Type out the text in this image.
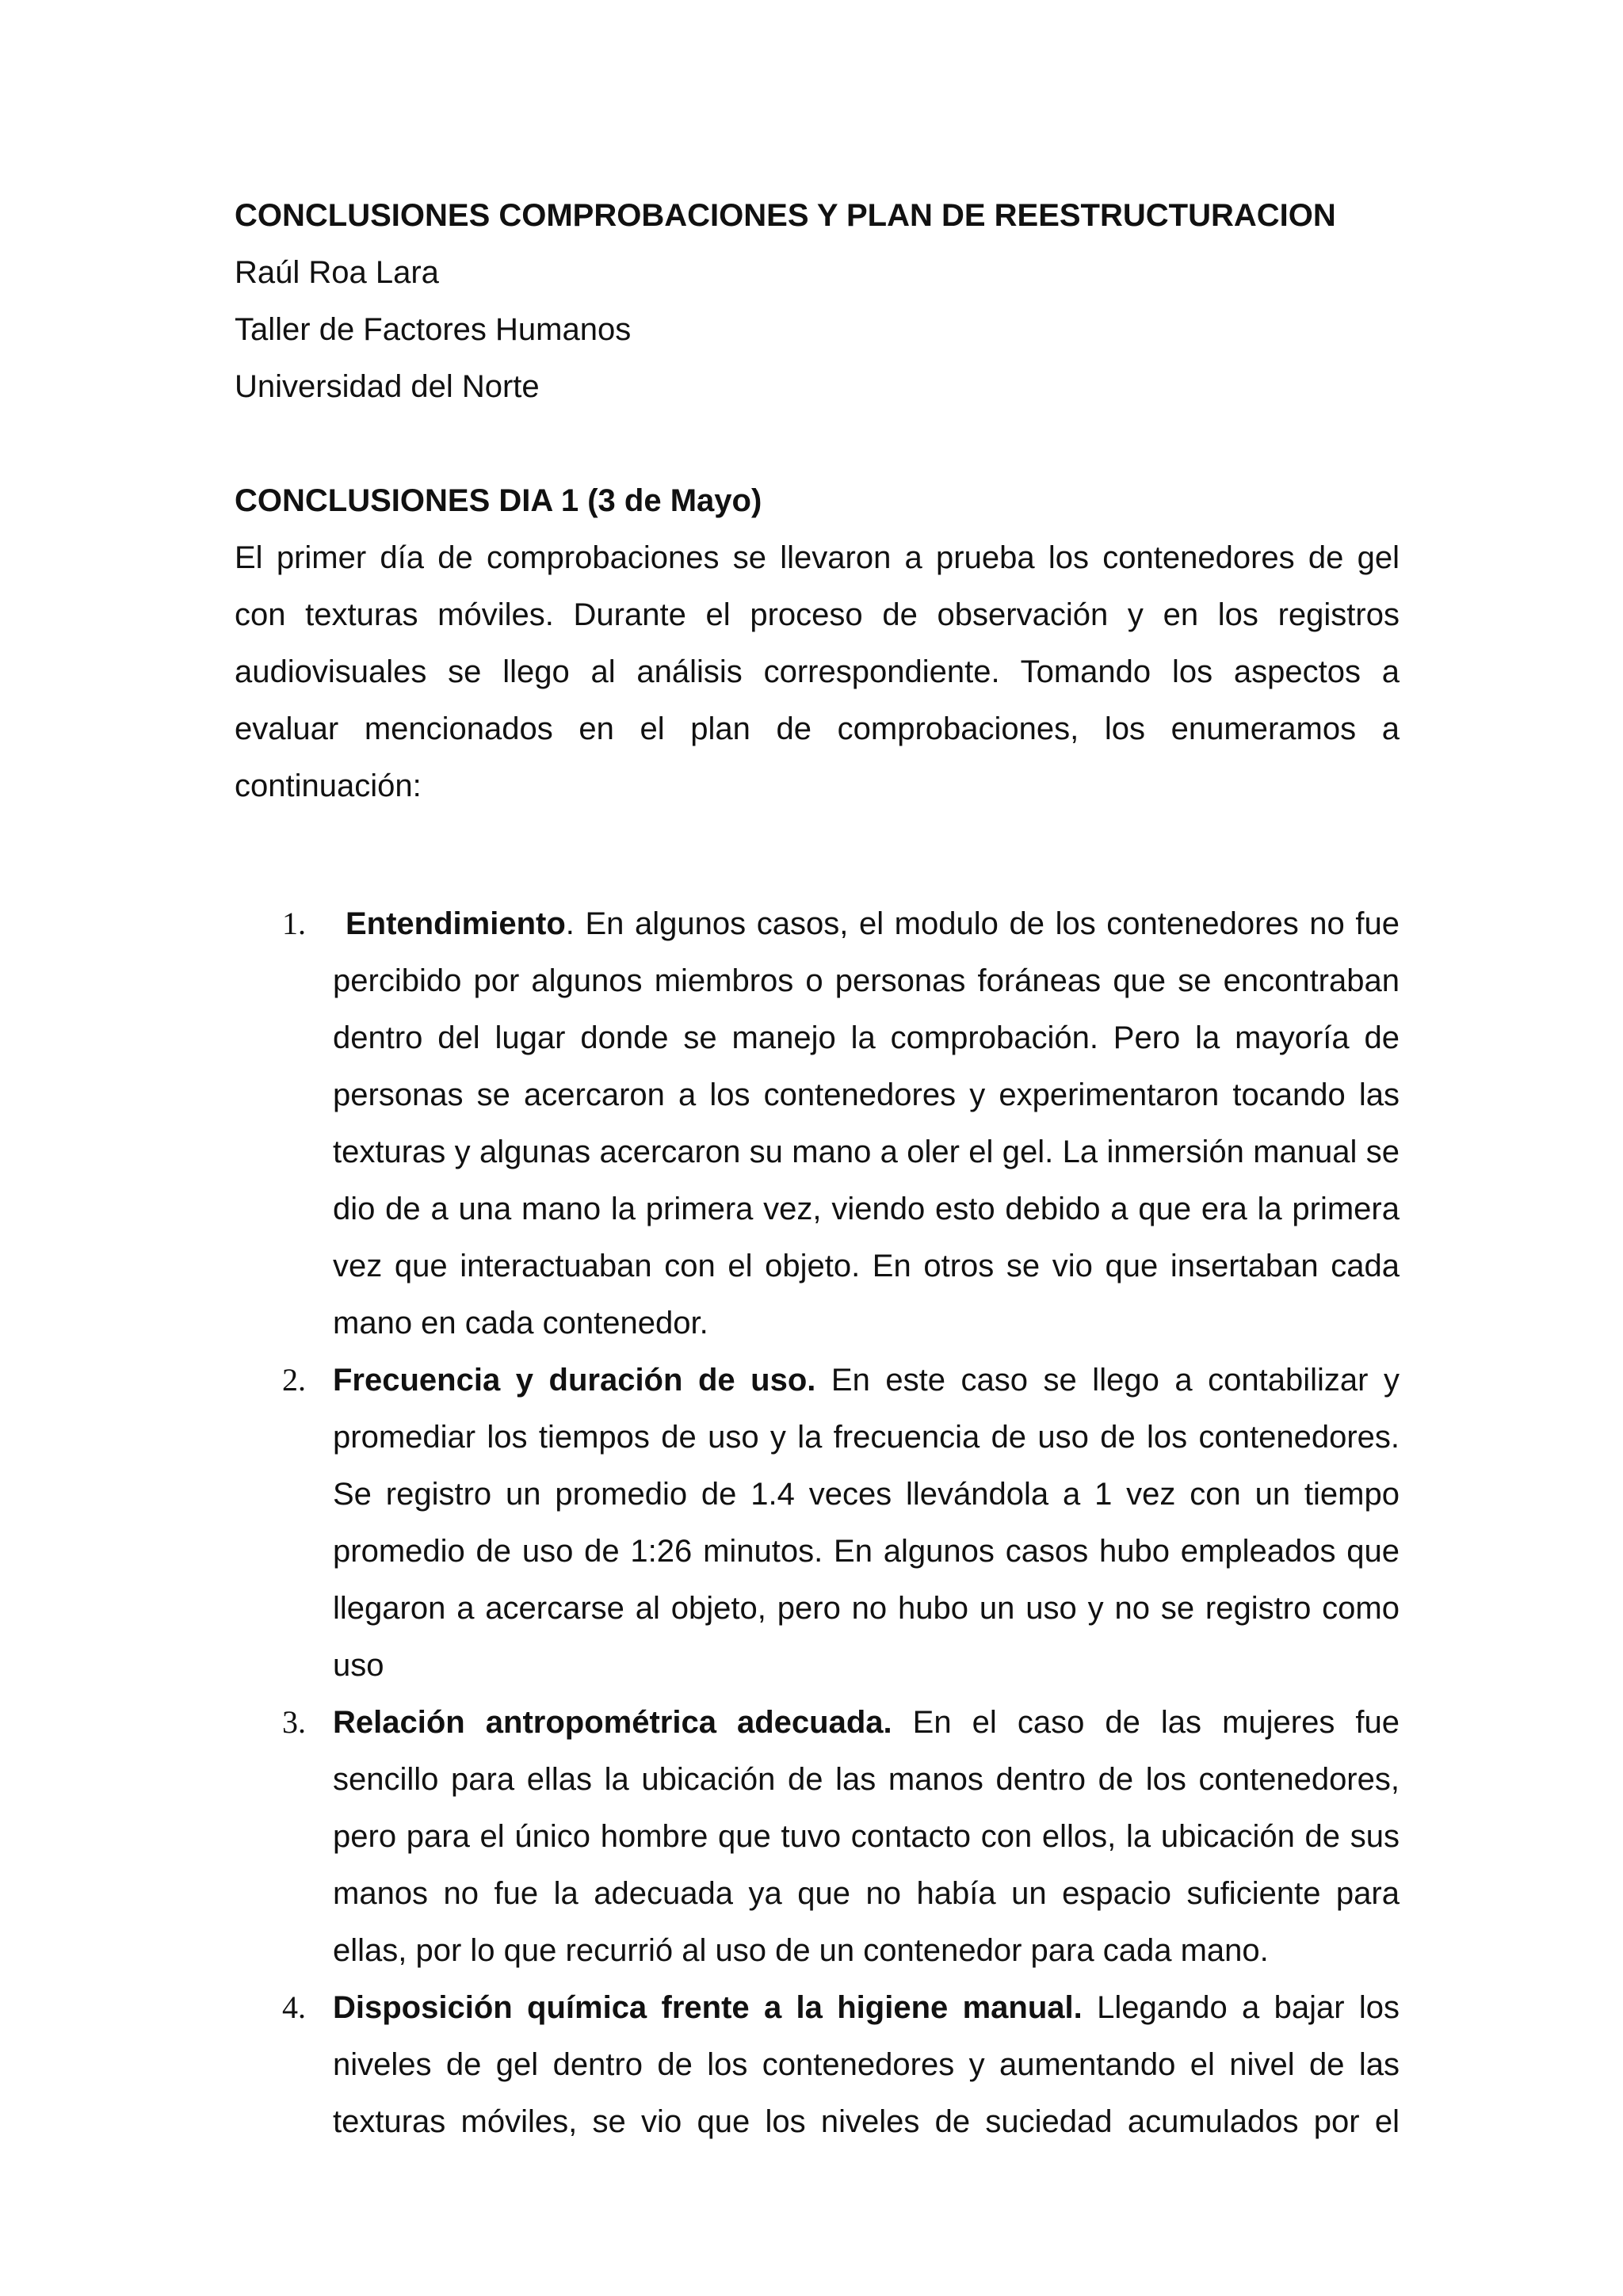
CONCLUSIONES COMPROBACIONES Y PLAN DE REESTRUCTURACION

Raúl Roa Lara

Taller de Factores Humanos

Universidad del Norte

CONCLUSIONES DIA 1 (3 de Mayo)

El primer día de comprobaciones se llevaron a prueba los contenedores de gel con texturas móviles. Durante el proceso de observación y en los registros audiovisuales se llego al análisis correspondiente. Tomando los aspectos a evaluar mencionados en el plan de comprobaciones, los enumeramos a continuación:

1. Entendimiento. En algunos casos, el modulo de los contenedores no fue percibido por algunos miembros o personas foráneas que se encontraban dentro del lugar donde se manejo la comprobación. Pero la mayoría de personas se acercaron a los contenedores y experimentaron tocando las texturas y algunas acercaron su mano a oler el gel. La inmersión manual se dio de a una mano la primera vez, viendo esto debido a que era la primera vez que interactuaban con el objeto. En otros se vio que insertaban cada mano en cada contenedor.
2. Frecuencia y duración de uso. En este caso se llego a contabilizar y promediar los tiempos de uso y la frecuencia de uso de los contenedores. Se registro un promedio de 1.4 veces llevándola a 1 vez con un tiempo promedio de uso de 1:26 minutos. En algunos casos hubo empleados que llegaron a acercarse al objeto, pero no hubo un uso y no se registro como uso
3. Relación antropométrica adecuada. En el caso de las mujeres fue sencillo para ellas la ubicación de las manos dentro de los contenedores, pero para el único hombre que tuvo contacto con ellos, la ubicación de sus manos no fue la adecuada ya que no había un espacio suficiente para ellas, por lo que recurrió al uso de un contenedor para cada mano.
4. Disposición química frente a la higiene manual. Llegando a bajar los niveles de gel dentro de los contenedores y aumentando el nivel de las texturas móviles, se vio que los niveles de suciedad acumulados por el
